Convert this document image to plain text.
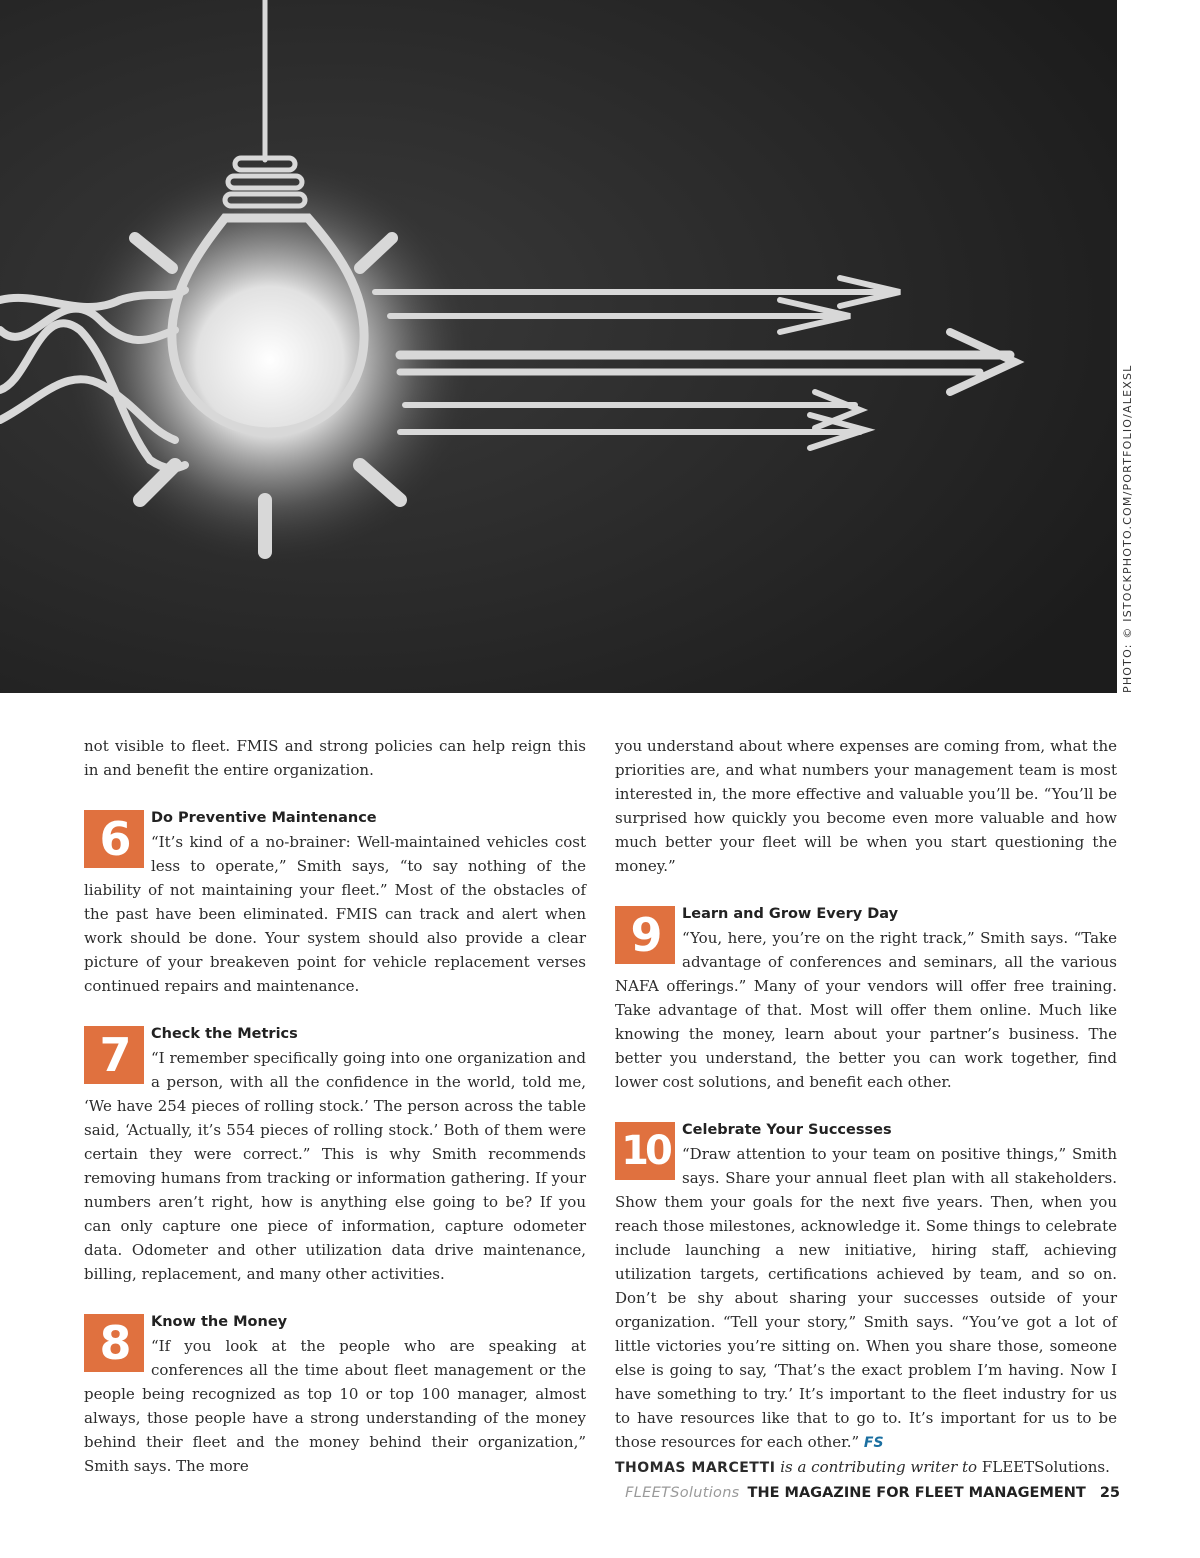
PHOTO: © ISTOCKPHOTO.COM/PORTFOLIO/ALEXSL

not visible to fleet. FMIS and strong policies can help reign this in and benefit the entire organization.

6	Do Preventive Maintenance
“It’s kind of a no-brainer: Well-maintained vehicles cost less to operate,” Smith says, “to say nothing of the liability of not maintaining your fleet.” Most of the obstacles of the past have been eliminated. FMIS can track and alert when work should be done. Your system should also provide a clear picture of your breakeven point for vehicle replacement verses continued repairs and maintenance.
7	Check the Metrics
“I remember specifically going into one organization and a person, with all the confidence in the world, told me, ‘We have 254 pieces of rolling stock.’ The person across the table said, ‘Actually, it’s 554 pieces of rolling stock.’ Both of them were certain they were correct.” This is why Smith recommends removing humans from tracking or information gathering. If your numbers aren’t right, how is anything else going to be? If you can only capture one piece of information, capture odometer data. Odometer and other utilization data drive maintenance, billing, replacement, and many other activities.
8	Know the Money
“If you look at the people who are speaking at conferences all the time about fleet management or the people being recognized as top 10 or top 100 manager, almost always, those people have a strong understanding of the money behind their fleet and the money behind their organization,” Smith says. The more

you understand about where expenses are coming from, what the priorities are, and what numbers your management team is most interested in, the more effective and valuable you’ll be. “You’ll be surprised how quickly you become even more valuable and how much better your fleet will be when you start questioning the money.”

9	Learn and Grow Every Day
“You, here, you’re on the right track,” Smith says. “Take advantage of conferences and seminars, all the various NAFA offerings.” Many of your vendors will offer free training. Take advantage of that. Most will offer them online. Much like knowing the money, learn about your partner’s business. The better you understand, the better you can work together, find lower cost solutions, and benefit each other.
10 Celebrate Your Successes
“Draw attention to your team on positive things,” Smith says. Share your annual fleet plan with all stakeholders. Show them your goals for the next five years. Then, when you reach those milestones, acknowledge it. Some things to celebrate include launching a new initiative, hiring staff, achieving utilization targets, certifications achieved by team, and so on. Don’t be shy about sharing your successes outside of your organization. “Tell your story,” Smith says. “You’ve got a lot of little victories you’re sitting on. When you share those, someone else is going to say, ‘That’s the exact problem I’m having. Now I have something to try.’ It’s important to the fleet industry for us to have resources like that to go to. It’s important for us to be those resources for each other.” FS

THOMAS MARCETTI is a contributing writer to FLEETSolutions.

FLEETSolutions THE MAGAZINE FOR FLEET MANAGEMENT 25
